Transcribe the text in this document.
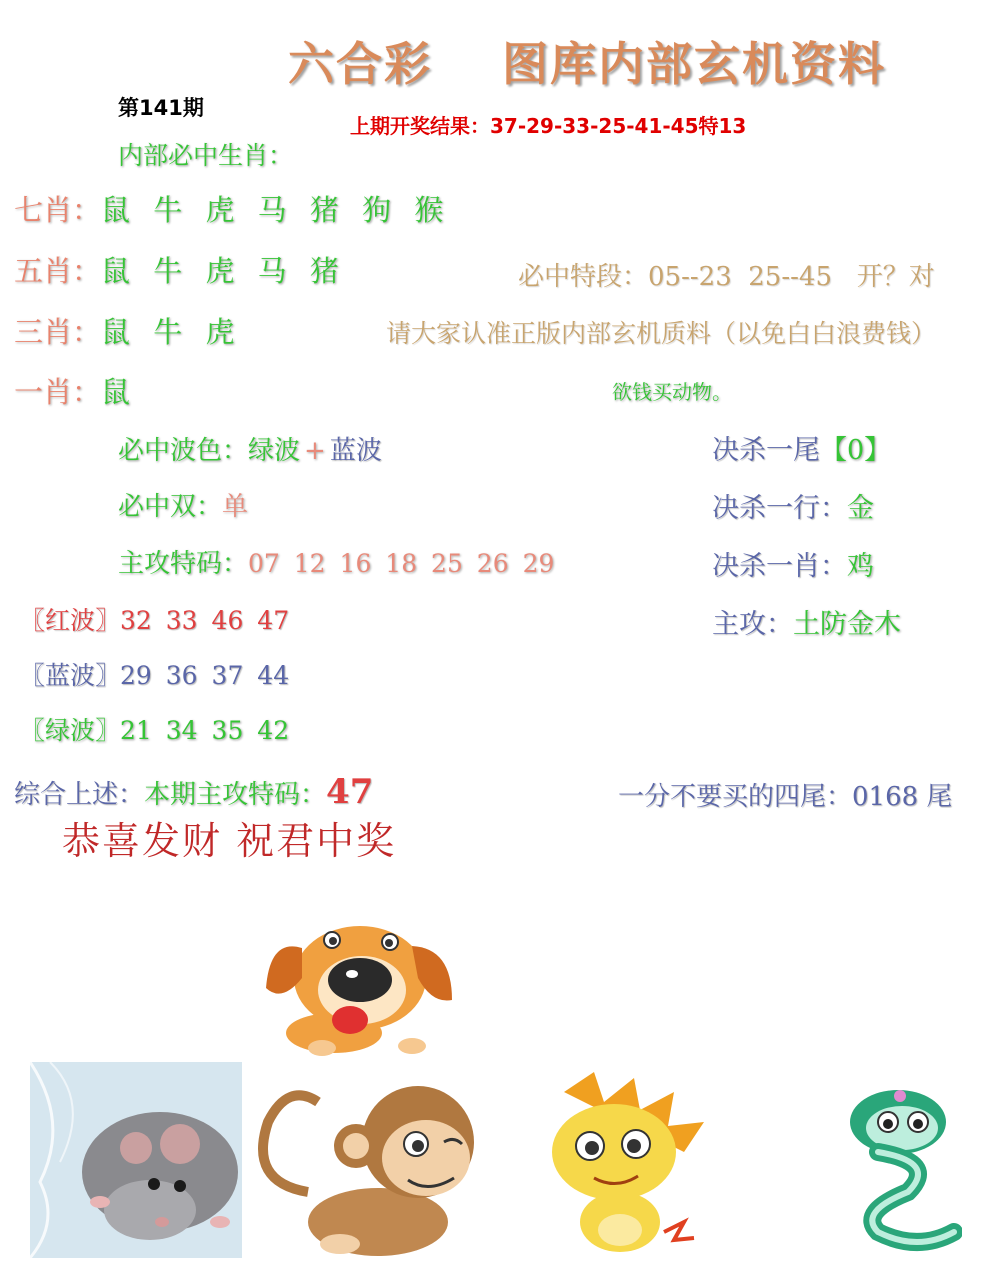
六合彩 图库内部玄机资料
第141期
上期开奖结果：37-29-33-25-41-45特13
内部必中生肖：
七肖：鼠 牛 虎 马 猪 狗 猴
五肖：鼠 牛 虎 马 猪
三肖：鼠 牛 虎
一肖：鼠
必中特段：05--23  25--45   开？对
请大家认准正版内部玄机质料（以免白白浪费钱）
欲钱买动物。
必中波色：绿波 + 蓝波
必中双：单
主攻特码：07 12 16 18 25 26 29
〖红波〗32 33 46 47
〖蓝波〗29 36 37 44
〖绿波〗21 34 35 42
决杀一尾【0】
决杀一行：金
决杀一肖：鸡
主攻：土防金木
综合上述：本期主攻特码：47	一分不要买的四尾：0168 尾
恭喜发财 祝君中奖
